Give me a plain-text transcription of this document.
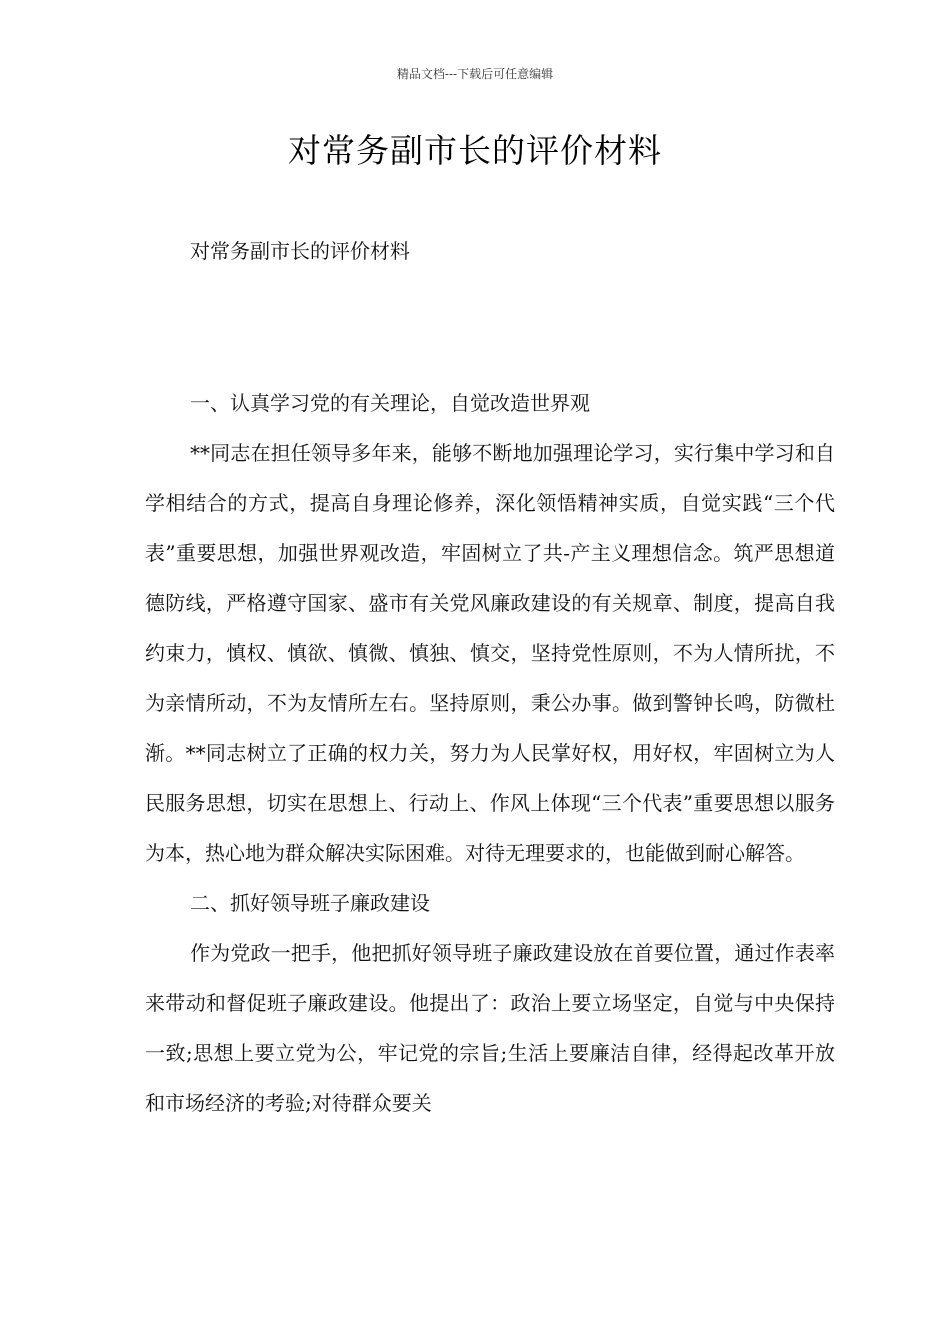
精品文档---下载后可任意编辑
对常务副市长的评价材料
对常务副市长的评价材料

一、认真学习党的有关理论，自觉改造世界观

**同志在担任领导多年来，能够不断地加强理论学习，实行集中学习和自学相结合的方式，提高自身理论修养，深化领悟精神实质，自觉实践“三个代表”重要思想，加强世界观改造，牢固树立了共-产主义理想信念。筑严思想道德防线，严格遵守国家、盛市有关党风廉政建设的有关规章、制度，提高自我约束力，慎权、慎欲、慎微、慎独、慎交，坚持党性原则，不为人情所扰，不为亲情所动，不为友情所左右。坚持原则，秉公办事。做到警钟长鸣，防微杜渐。**同志树立了正确的权力关，努力为人民掌好权，用好权，牢固树立为人民服务思想，切实在思想上、行动上、作风上体现“三个代表”重要思想以服务为本，热心地为群众解决实际困难。对待无理要求的，也能做到耐心解答。

二、抓好领导班子廉政建设

作为党政一把手，他把抓好领导班子廉政建设放在首要位置，通过作表率来带动和督促班子廉政建设。他提出了：政治上要立场坚定，自觉与中央保持一致;思想上要立党为公，牢记党的宗旨;生活上要廉洁自律，经得起改革开放和市场经济的考验;对待群众要关
